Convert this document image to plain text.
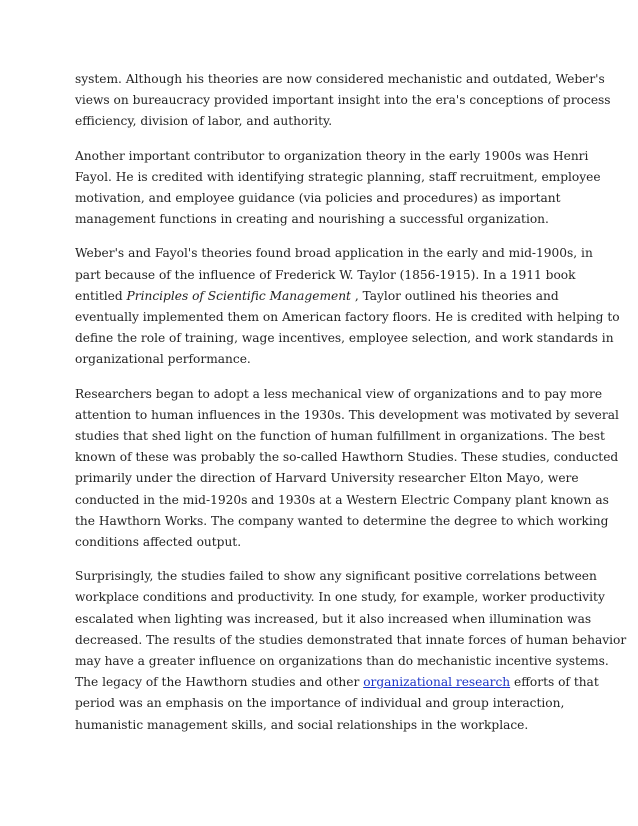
system. Although his theories are now considered mechanistic and outdated, Weber's
views on bureaucracy provided important insight into the era's conceptions of process
efficiency, division of labor, and authority.

Another important contributor to organization theory in the early 1900s was Henri
Fayol. He is credited with identifying strategic planning, staff recruitment, employee
motivation, and employee guidance (via policies and procedures) as important
management functions in creating and nourishing a successful organization.

Weber's and Fayol's theories found broad application in the early and mid-1900s, in
part because of the influence of Frederick W. Taylor (1856-1915). In a 1911 book
entitled Principles of Scientific Management , Taylor outlined his theories and
eventually implemented them on American factory floors. He is credited with helping to
define the role of training, wage incentives, employee selection, and work standards in
organizational performance.

Researchers began to adopt a less mechanical view of organizations and to pay more
attention to human influences in the 1930s. This development was motivated by several
studies that shed light on the function of human fulfillment in organizations. The best
known of these was probably the so-called Hawthorn Studies. These studies, conducted
primarily under the direction of Harvard University researcher Elton Mayo, were
conducted in the mid-1920s and 1930s at a Western Electric Company plant known as
the Hawthorn Works. The company wanted to determine the degree to which working
conditions affected output.

Surprisingly, the studies failed to show any significant positive correlations between
workplace conditions and productivity. In one study, for example, worker productivity
escalated when lighting was increased, but it also increased when illumination was
decreased. The results of the studies demonstrated that innate forces of human behavior
may have a greater influence on organizations than do mechanistic incentive systems.
The legacy of the Hawthorn studies and other organizational research efforts of that
period was an emphasis on the importance of individual and group interaction,
humanistic management skills, and social relationships in the workplace.
